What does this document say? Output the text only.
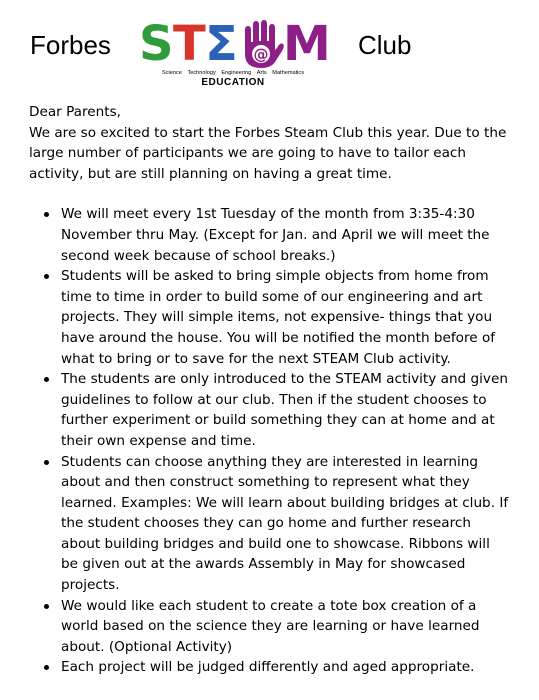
Forbes S T Σ @ M
Science Technology Engineering Arts Mathematics
EDUCATION
Club

Dear Parents,

We are so excited to start the Forbes Steam Club this year. Due to the large number of participants we are going to have to tailor each activity, but are still planning on having a great time.

We will meet every 1st Tuesday of the month from 3:35-4:30 November thru May. (Except for Jan. and April we will meet the second week because of school breaks.)
Students will be asked to bring simple objects from home from time to time in order to build some of our engineering and art projects. They will simple items, not expensive- things that you have around the house. You will be notified the month before of what to bring or to save for the next STEAM Club activity.
The students are only introduced to the STEAM activity and given guidelines to follow at our club. Then if the student chooses to further experiment or build something they can at home and at their own expense and time.
Students can choose anything they are interested in learning about and then construct something to represent what they learned. Examples: We will learn about building bridges at club. If the student chooses they can go home and further research about building bridges and build one to showcase. Ribbons will be given out at the awards Assembly in May for showcased projects.
We would like each student to create a tote box creation of a world based on the science they are learning or have learned about. (Optional Activity)
Each project will be judged differently and aged appropriate.
